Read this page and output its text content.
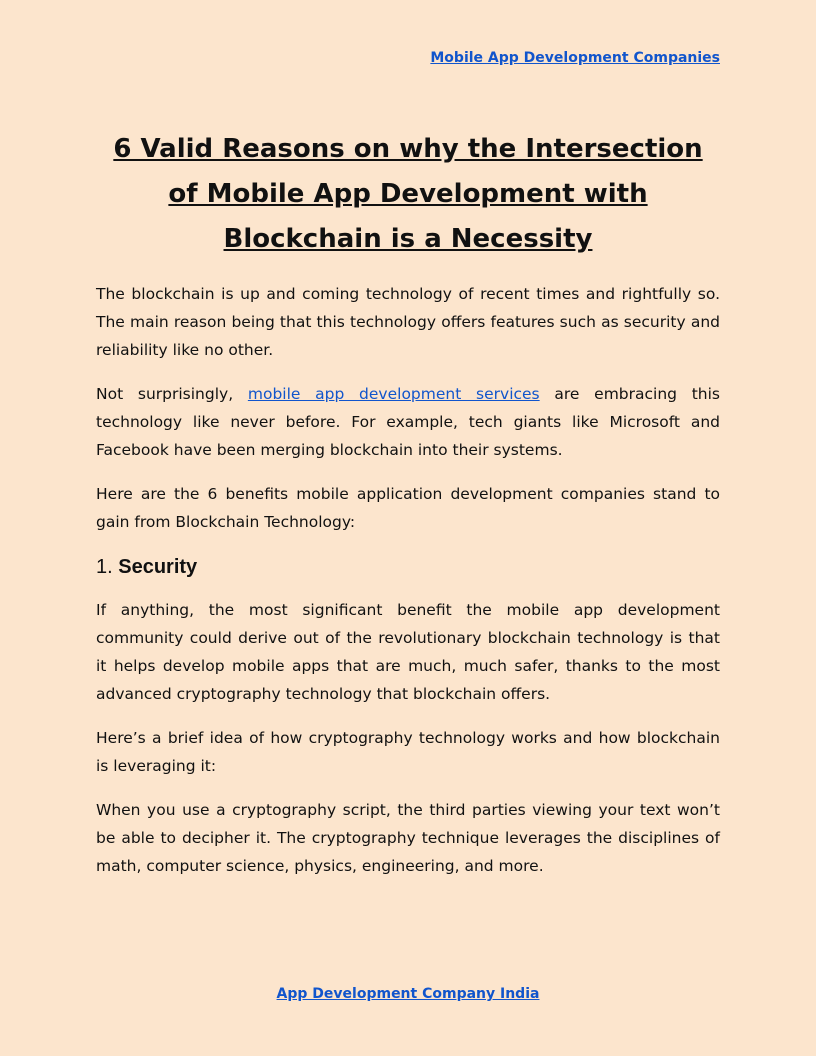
Mobile App Development Companies
6 Valid Reasons on why the Intersection of Mobile App Development with Blockchain is a Necessity

The blockchain is up and coming technology of recent times and rightfully so. The main reason being that this technology offers features such as security and reliability like no other.

Not surprisingly, mobile app development services are embracing this technology like never before. For example, tech giants like Microsoft and Facebook have been merging blockchain into their systems.

Here are the 6 benefits mobile application development companies stand to gain from Blockchain Technology:

1. Security

If anything, the most significant benefit the mobile app development community could derive out of the revolutionary blockchain technology is that it helps develop mobile apps that are much, much safer, thanks to the most advanced cryptography technology that blockchain offers.

Here’s a brief idea of how cryptography technology works and how blockchain is leveraging it:

When you use a cryptography script, the third parties viewing your text won’t be able to decipher it. The cryptography technique leverages the disciplines of math, computer science, physics, engineering, and more.

App Development Company India
